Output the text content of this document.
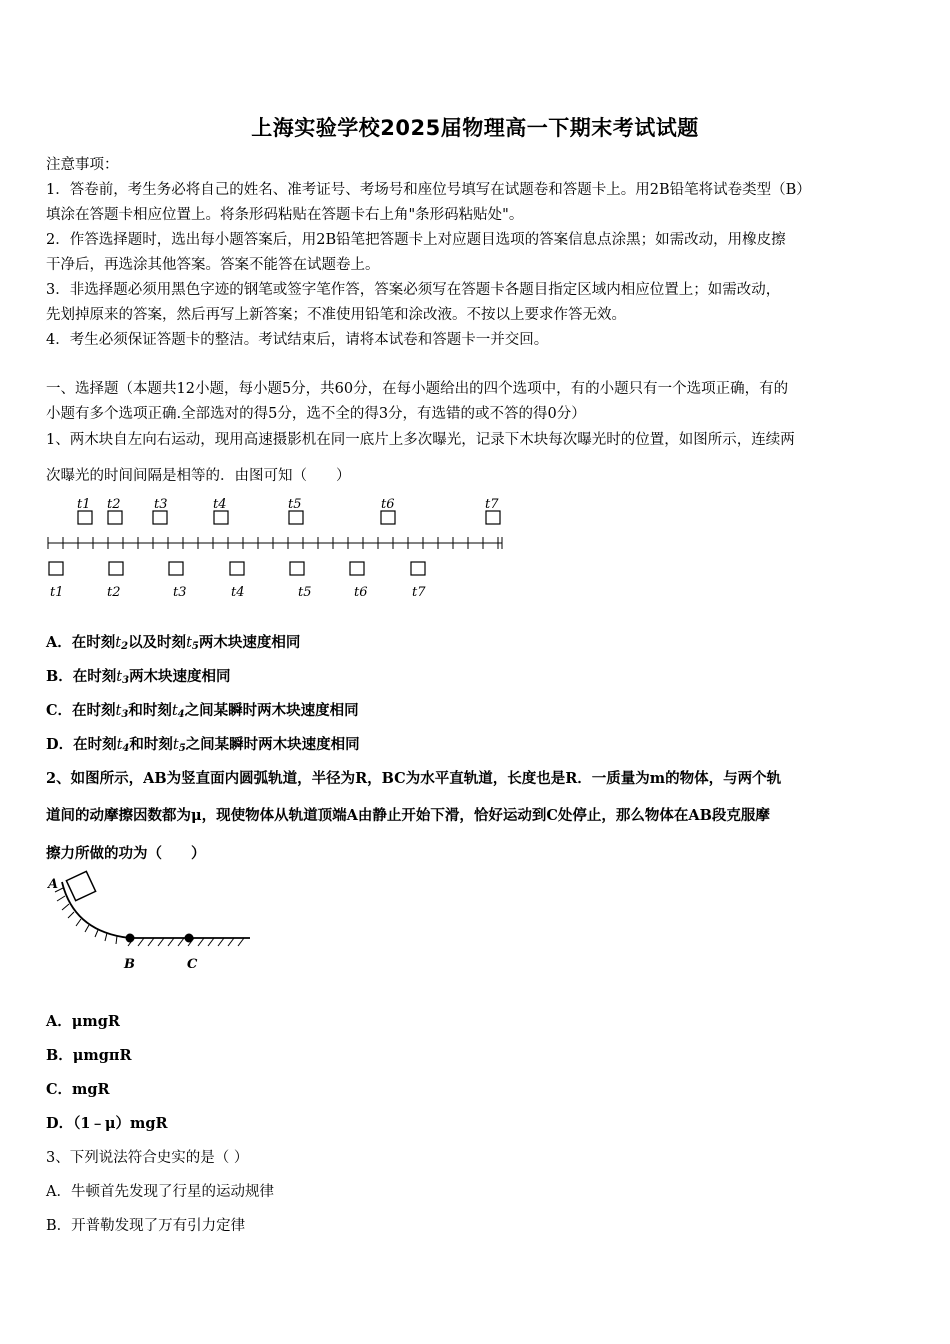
上海实验学校2025届物理高一下期末考试试题
注意事项：
1．答卷前，考生务必将自己的姓名、准考证号、考场号和座位号填写在试题卷和答题卡上。用2B铅笔将试卷类型（B）
填涂在答题卡相应位置上。将条形码粘贴在答题卡右上角"条形码粘贴处"。
2．作答选择题时，选出每小题答案后，用2B铅笔把答题卡上对应题目选项的答案信息点涂黑；如需改动，用橡皮擦
干净后，再选涂其他答案。答案不能答在试题卷上。
3．非选择题必须用黑色字迹的钢笔或签字笔作答，答案必须写在答题卡各题目指定区域内相应位置上；如需改动，
先划掉原来的答案，然后再写上新答案；不准使用铅笔和涂改液。不按以上要求作答无效。
4．考生必须保证答题卡的整洁。考试结束后，请将本试卷和答题卡一并交回。
一、选择题（本题共12小题，每小题5分，共60分，在每小题给出的四个选项中，有的小题只有一个选项正确，有的
小题有多个选项正确.全部选对的得5分，选不全的得3分，有选错的或不答的得0分）
1、两木块自左向右运动，现用高速摄影机在同一底片上多次曝光，记录下木块每次曝光时的位置，如图所示，连续两
次曝光的时间间隔是相等的．由图可知（　　）
t1 t2	t3	t4	t5	t6	t7
t1	t2	t3	t4	t5	t6	t7
A．在时刻$t_2$以及时刻$t_5$两木块速度相同
B．在时刻$t_3$两木块速度相同
C．在时刻$t_3$和时刻$t_4$之间某瞬时两木块速度相同
D．在时刻$t_4$和时刻$t_5$之间某瞬时两木块速度相同
2、如图所示，AB为竖直面内圆弧轨道，半径为R，BC为水平直轨道，长度也是R．一质量为m的物体，与两个轨
道间的动摩擦因数都为μ，现使物体从轨道顶端A由静止开始下滑，恰好运动到C处停止，那么物体在AB段克服摩
擦力所做的功为（　　）
A
B	C
A．μmgR
B．μmgπR
C．mgR
D．（1﹣μ）mgR
3、下列说法符合史实的是（ ）
A．牛顿首先发现了行星的运动规律
B．开普勒发现了万有引力定律
